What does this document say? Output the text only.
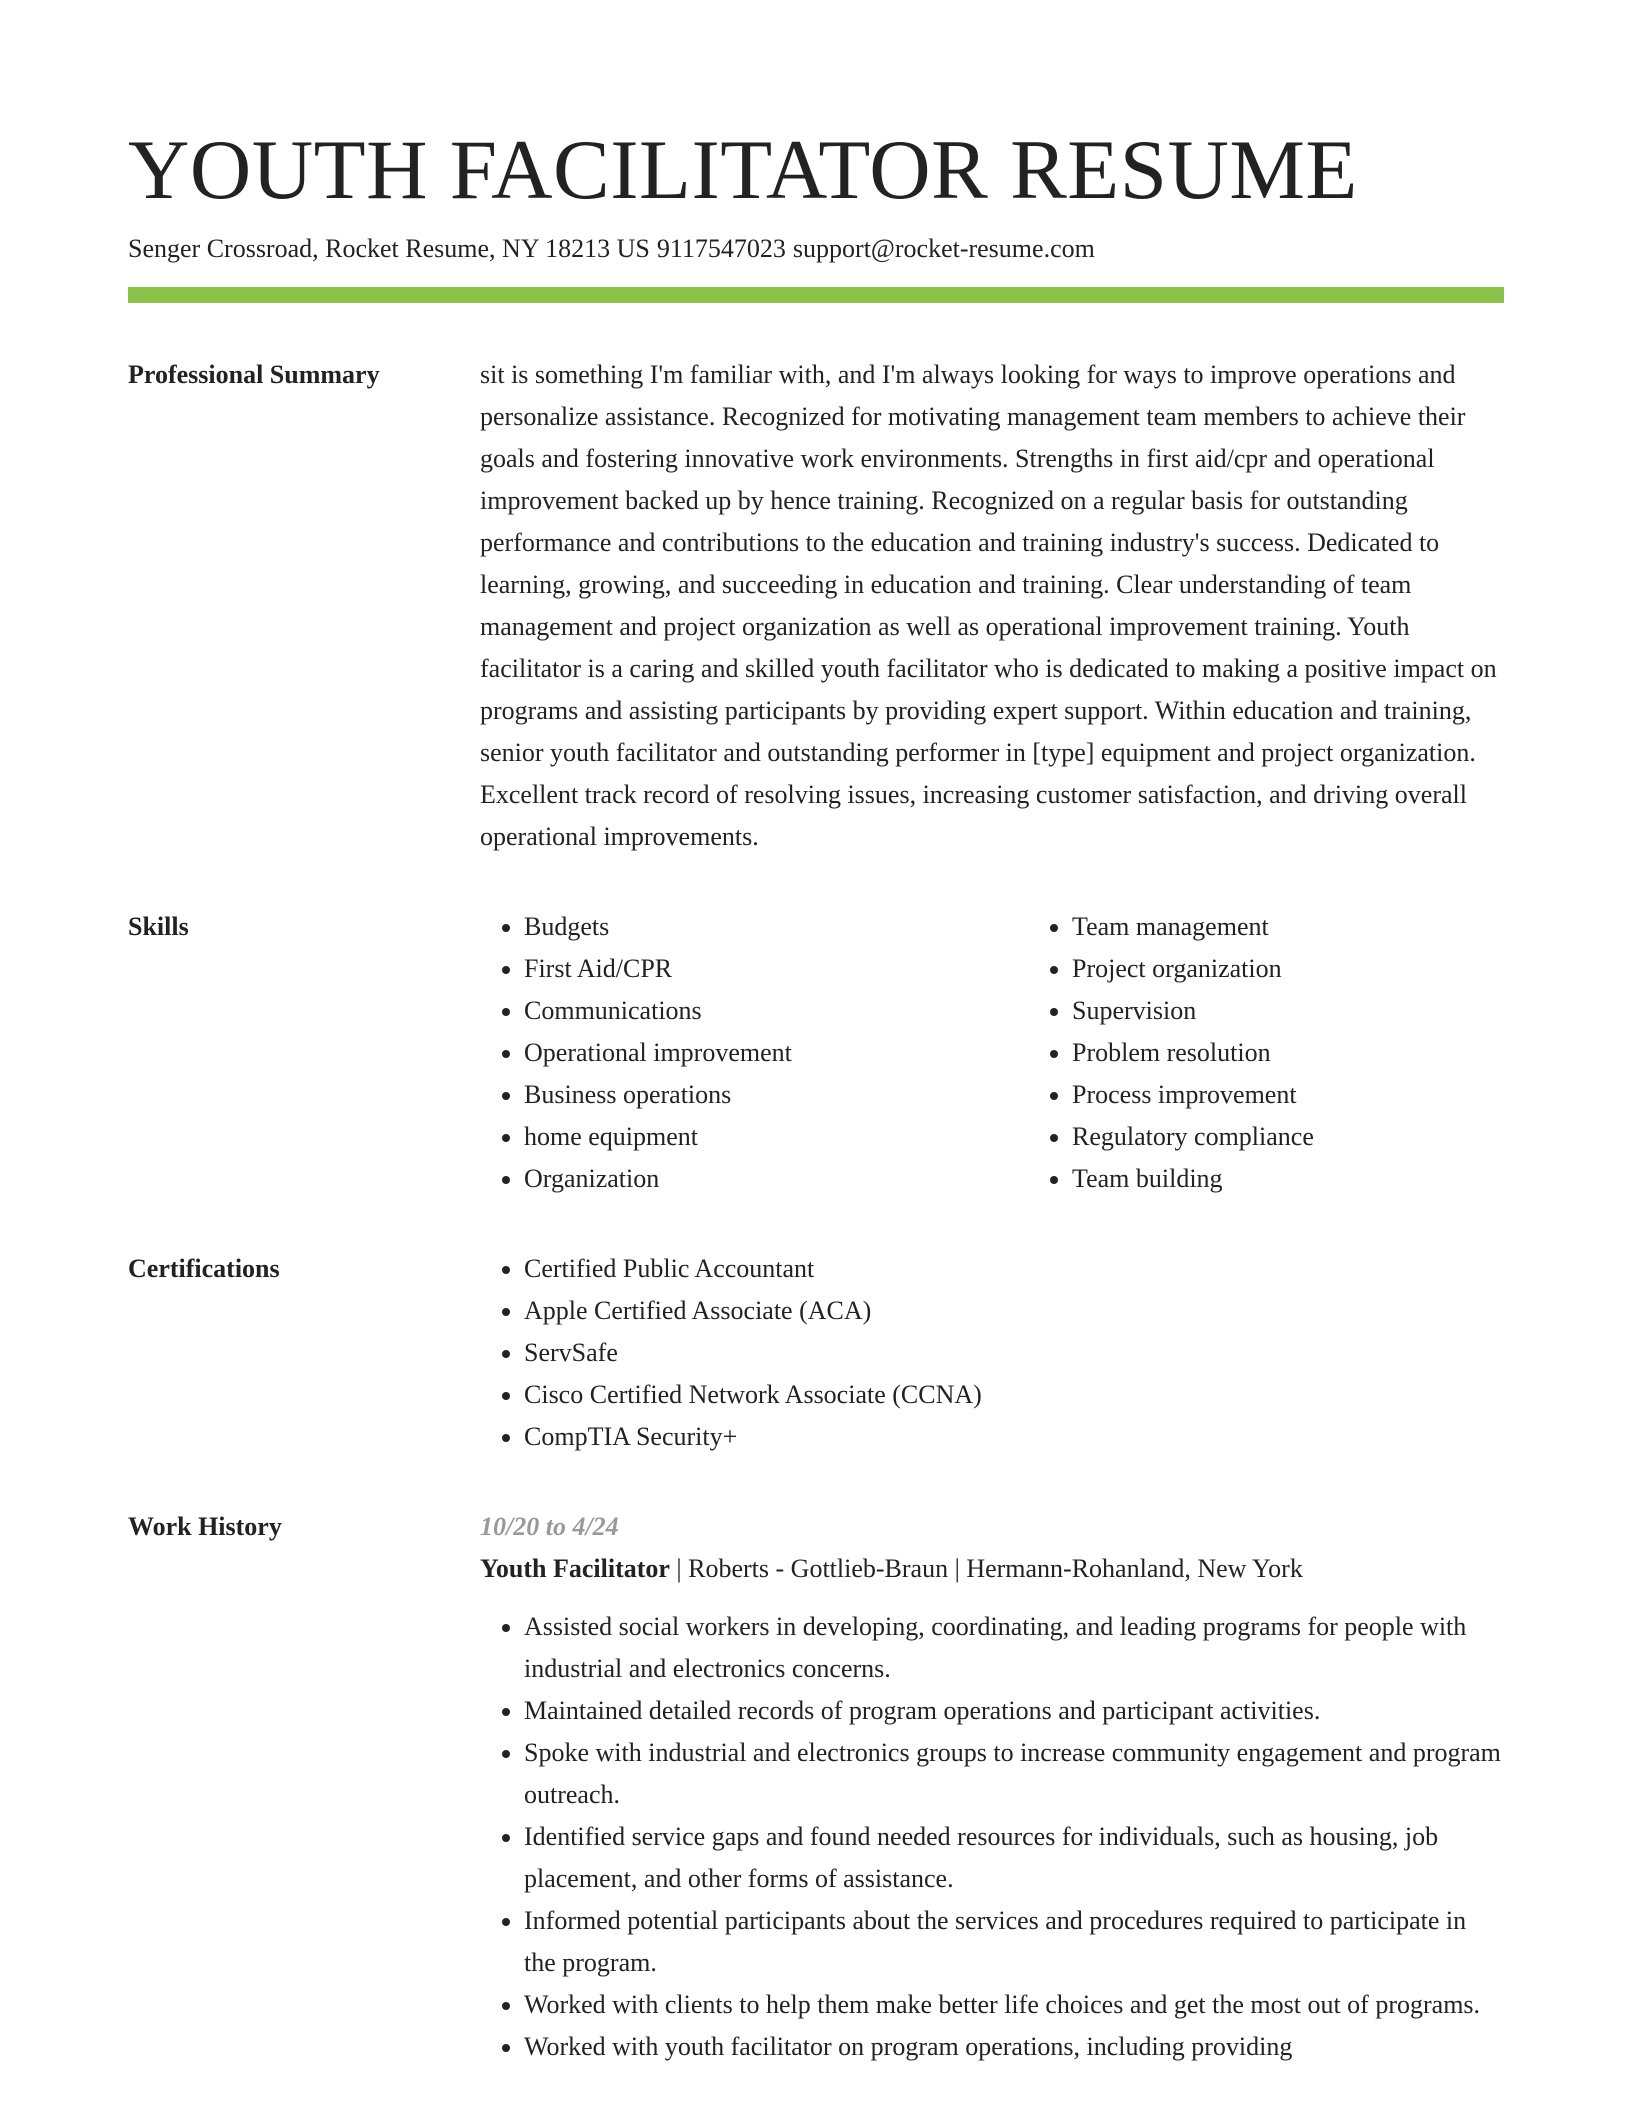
YOUTH FACILITATOR RESUME
Senger Crossroad, Rocket Resume, NY 18213 US 9117547023 support@rocket-resume.com
Professional Summary	sit is something I'm familiar with, and I'm always looking for ways to improve operations and personalize assistance. Recognized for motivating management team members to achieve their goals and fostering innovative work environments. Strengths in first aid/cpr and operational improvement backed up by hence training. Recognized on a regular basis for outstanding performance and contributions to the education and training industry's success. Dedicated to learning, growing, and succeeding in education and training. Clear understanding of team management and project organization as well as operational improvement training. Youth facilitator is a caring and skilled youth facilitator who is dedicated to making a positive impact on programs and assisting participants by providing expert support. Within education and training, senior youth facilitator and outstanding performer in [type] equipment and project organization. Excellent track record of resolving issues, increasing customer satisfaction, and driving overall operational improvements.

Skills	• Budgets
• First Aid/CPR
• Communications
• Operational improvement
• Business operations
• home equipment
• Organization
• Team management
• Project organization
• Supervision
• Problem resolution
• Process improvement
• Regulatory compliance
• Team building
Certifications	• Certified Public Accountant
• Apple Certified Associate (ACA)
• ServSafe
• Cisco Certified Network Associate (CCNA)
• CompTIA Security+
Work History	10/20 to 4/24
Youth Facilitator | Roberts - Gottlieb-Braun | Hermann-Rohanland, New York
• Assisted social workers in developing, coordinating, and leading programs for people with industrial and electronics concerns.
• Maintained detailed records of program operations and participant activities.
• Spoke with industrial and electronics groups to increase community engagement and program outreach.
• Identified service gaps and found needed resources for individuals, such as housing, job placement, and other forms of assistance.
• Informed potential participants about the services and procedures required to participate in the program.
• Worked with clients to help them make better life choices and get the most out of programs.
• Worked with youth facilitator on program operations, including providing
